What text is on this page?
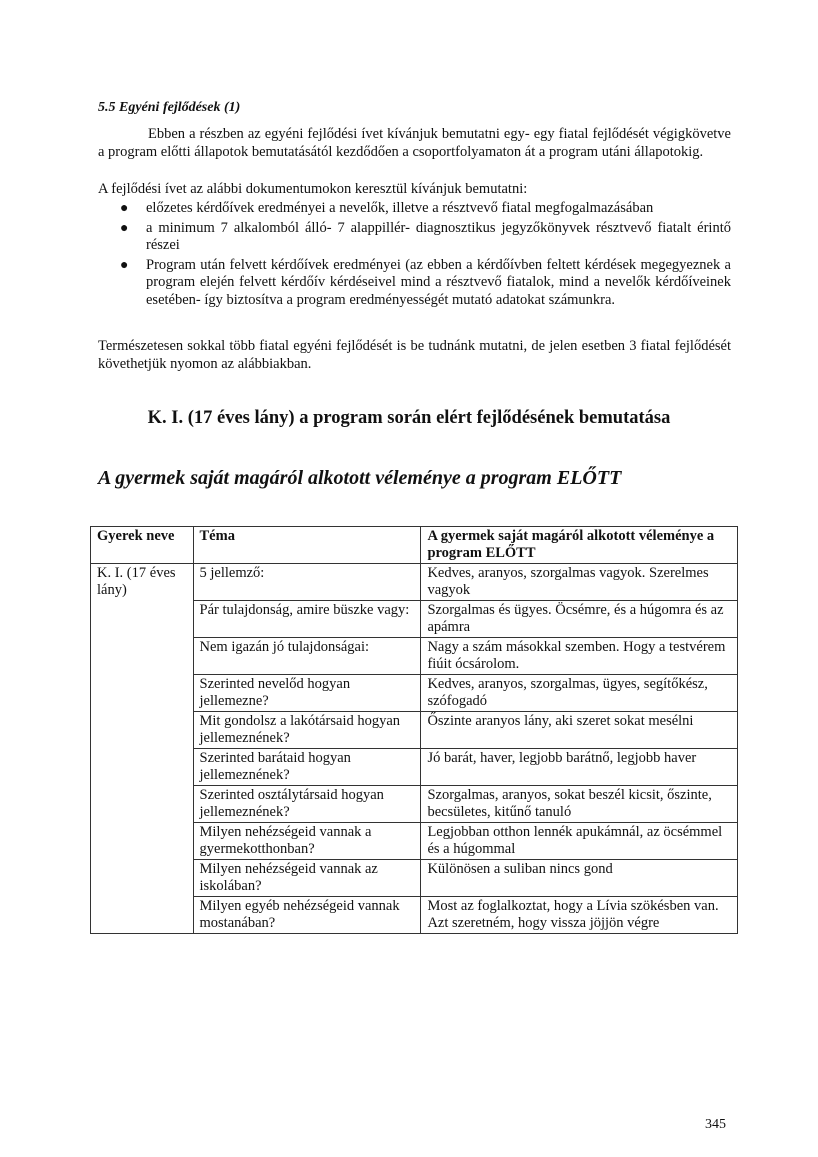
5.5 Egyéni fejlődések (1)
Ebben a részben az egyéni fejlődési ívet kívánjuk bemutatni egy- egy fiatal fejlődését végigkövetve a program előtti állapotok bemutatásától kezdődően a csoportfolyamaton át a program utáni állapotokig.
A fejlődési ívet az alábbi dokumentumokon keresztül kívánjuk bemutatni:
● előzetes kérdőívek eredményei a nevelők, illetve a résztvevő fiatal megfogalmazásában
● a minimum 7 alkalomból álló- 7 alappillér- diagnosztikus jegyzőkönyvek résztvevő fiatalt érintő részei
● Program után felvett kérdőívek eredményei (az ebben a kérdőívben feltett kérdések megegyeznek a program elején felvett kérdőív kérdéseivel mind a résztvevő fiatalok, mind a nevelők kérdőíveinek esetében- így biztosítva a program eredményességét mutató adatokat számunkra.
Természetesen sokkal több fiatal egyéni fejlődését is be tudnánk mutatni, de jelen esetben 3 fiatal fejlődését követhetjük nyomon az alábbiakban.
K. I. (17 éves lány) a program során elért fejlődésének bemutatása
A gyermek saját magáról alkotott véleménye a program ELŐTT
Gyerek neve	Téma	A gyermek saját magáról alkotott véleménye a program ELŐTT
K. I. (17 éves lány)	5 jellemző:	Kedves, aranyos, szorgalmas vagyok. Szerelmes vagyok
	Pár tulajdonság, amire büszke vagy:	Szorgalmas és ügyes. Öcsémre, és a húgomra és az apámra
	Nem igazán jó tulajdonságai:	Nagy a szám másokkal szemben. Hogy a testvérem fiúit ócsárolom.
	Szerinted nevelőd hogyan jellemezne?	Kedves, aranyos, szorgalmas, ügyes, segítőkész, szófogadó
	Mit gondolsz a lakótársaid hogyan jellemeznének?	Őszinte aranyos lány, aki szeret sokat mesélni
	Szerinted barátaid hogyan jellemeznének?	Jó barát, haver, legjobb barátnő, legjobb haver
	Szerinted osztálytársaid hogyan jellemeznének?	Szorgalmas, aranyos, sokat beszél kicsit, őszinte, becsületes, kitűnő tanuló
	Milyen nehézségeid vannak a gyermekotthonban?	Legjobban otthon lennék apukámnál, az öcsémmel és a húgommal
	Milyen nehézségeid vannak az iskolában?	Különösen a suliban nincs gond
	Milyen egyéb nehézségeid vannak mostanában?	Most az foglalkoztat, hogy a Lívia szökésben van. Azt szeretném, hogy vissza jöjjön végre
345
